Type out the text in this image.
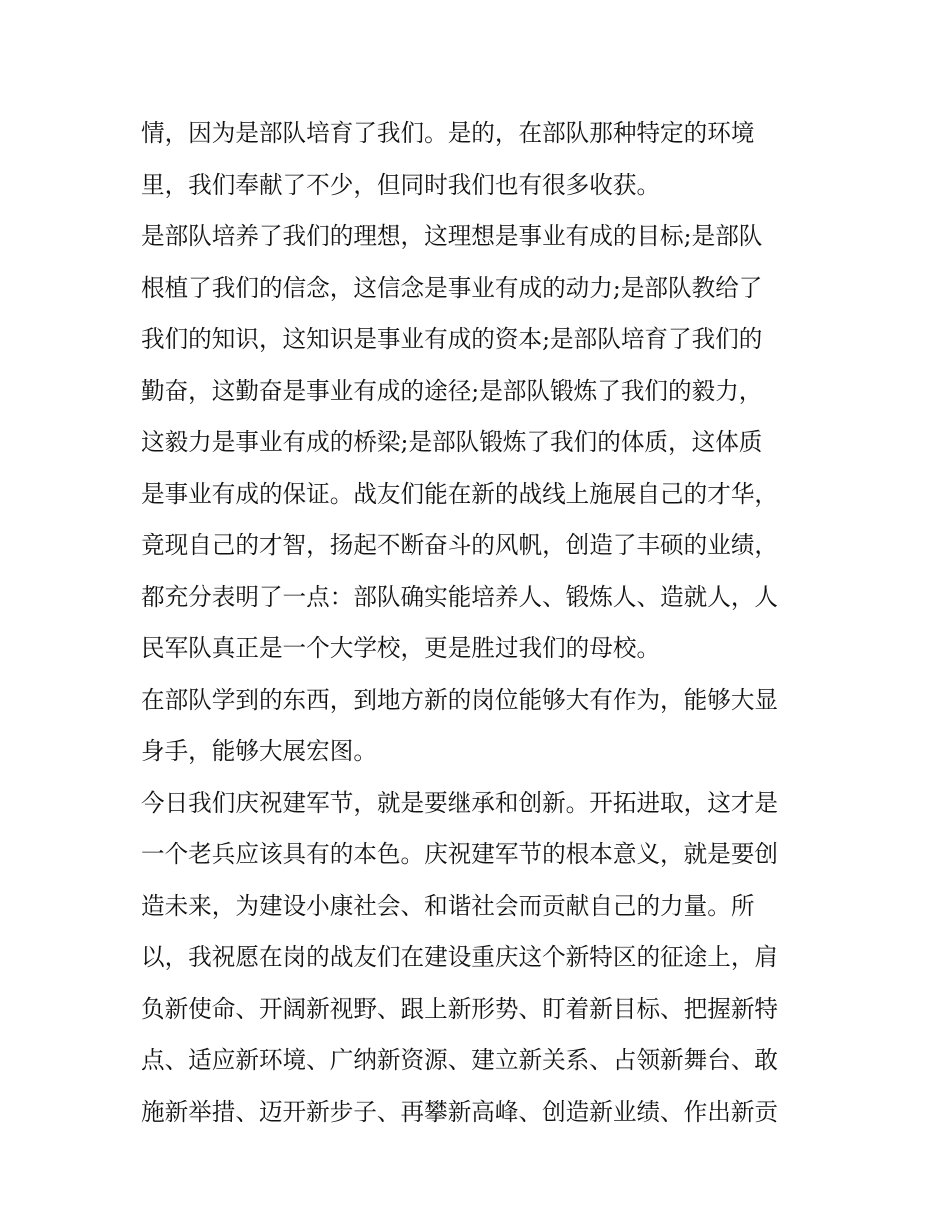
情，因为是部队培育了我们。是的，在部队那种特定的环境
里，我们奉献了不少，但同时我们也有很多收获。
是部队培养了我们的理想，这理想是事业有成的目标;是部队
根植了我们的信念，这信念是事业有成的动力;是部队教给了
我们的知识，这知识是事业有成的资本;是部队培育了我们的
勤奋，这勤奋是事业有成的途径;是部队锻炼了我们的毅力，
这毅力是事业有成的桥梁;是部队锻炼了我们的体质，这体质
是事业有成的保证。战友们能在新的战线上施展自己的才华，
竟现自己的才智，扬起不断奋斗的风帆，创造了丰硕的业绩，
都充分表明了一点：部队确实能培养人、锻炼人、造就人，人
民军队真正是一个大学校，更是胜过我们的母校。
在部队学到的东西，到地方新的岗位能够大有作为，能够大显
身手，能够大展宏图。
今日我们庆祝建军节，就是要继承和创新。开拓进取，这才是
一个老兵应该具有的本色。庆祝建军节的根本意义，就是要创
造未来，为建设小康社会、和谐社会而贡献自己的力量。所
以，我祝愿在岗的战友们在建设重庆这个新特区的征途上，肩
负新使命、开阔新视野、跟上新形势、盯着新目标、把握新特
点、适应新环境、广纳新资源、建立新关系、占领新舞台、敢
施新举措、迈开新步子、再攀新高峰、创造新业绩、作出新贡
